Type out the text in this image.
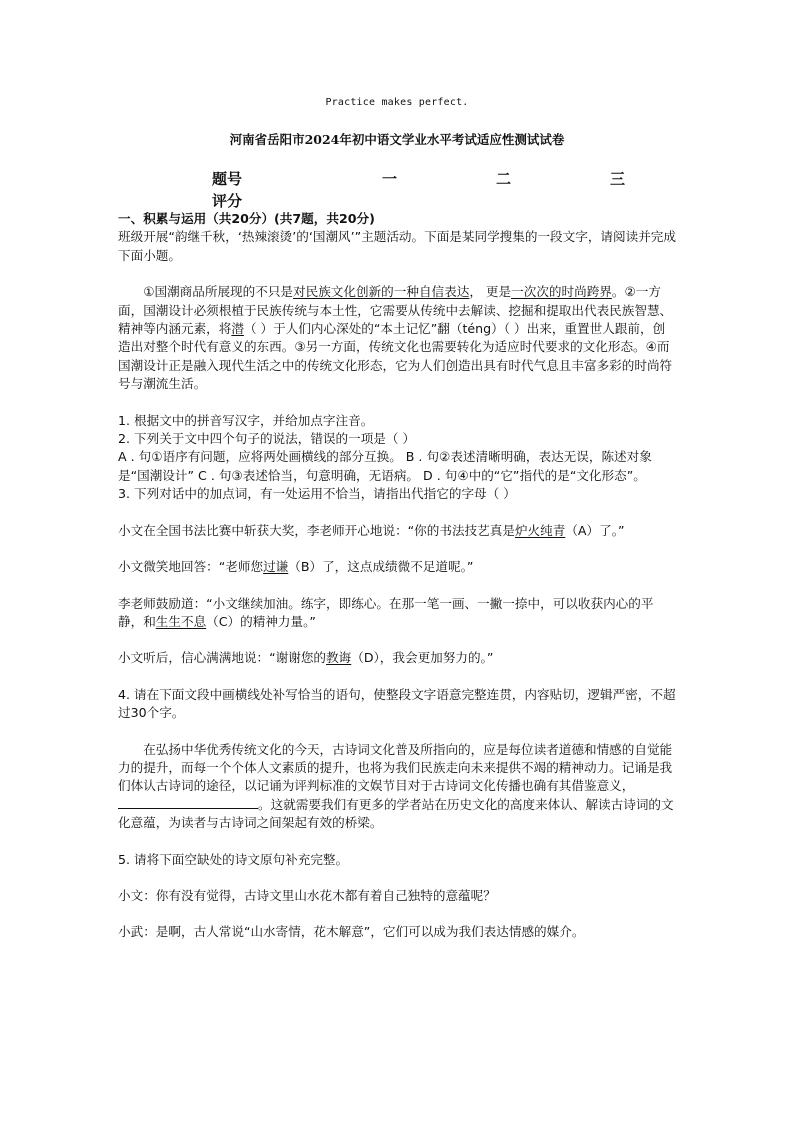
Practice makes perfect.
河南省岳阳市2024年初中语文学业水平考试适应性测试试卷
题号
评分
一	二	三

一、积累与运用（共20分）(共7题，共20分)

班级开展“韵继千秋，‘热辣滚烫’的‘国潮风’”主题活动。下面是某同学搜集的一段文字，请阅读并完成下面小题。

①国潮商品所展现的不只是对民族文化创新的一种自信表达， 更是一次次的时尚跨界。②一方面，国潮设计必须根植于民族传统与本土性，它需要从传统中去解读、挖掘和提取出代表民族智慧、精神等内涵元素，将潜（ ）于人们内心深处的“本土记忆”翻（téng）（ ）出来，重置世人跟前，创造出对整个时代有意义的东西。③另一方面，传统文化也需要转化为适应时代要求的文化形态。④而国潮设计正是融入现代生活之中的传统文化形态，它为人们创造出具有时代气息且丰富多彩的时尚符号与潮流生活。

1. 根据文中的拼音写汉字，并给加点字注音。

2. 下列关于文中四个句子的说法，错误的一项是（ ）

A . 句①语序有问题，应将两处画横线的部分互换。 B . 句②表述清晰明确，表达无误，陈述对象是“国潮设计” C . 句③表述恰当，句意明确，无语病。 D . 句④中的“它”指代的是“文化形态”。

3. 下列对话中的加点词，有一处运用不恰当，请指出代指它的字母（ ）

小文在全国书法比赛中斩获大奖，李老师开心地说：“你的书法技艺真是炉火纯青（A）了。”

小文微笑地回答：“老师您过谦（B）了，这点成绩微不足道呢。”

李老师鼓励道：“小文继续加油。练字，即练心。在那一笔一画、一撇一捺中，可以收获内心的平静，和生生不息（C）的精神力量。”

小文听后，信心满满地说：“谢谢您的教诲（D），我会更加努力的。”

4. 请在下面文段中画横线处补写恰当的语句，使整段文字语意完整连贯，内容贴切，逻辑严密，不超过30个字。

在弘扬中华优秀传统文化的今天，古诗词文化普及所指向的，应是每位读者道德和情感的自觉能力的提升，而每一个个体人文素质的提升，也将为我们民族走向未来提供不竭的精神动力。记诵是我们体认古诗词的途径，以记诵为评判标准的文娱节目对于古诗词文化传播也确有其借鉴意义，。这就需要我们有更多的学者站在历史文化的高度来体认、解读古诗词的文化意蕴，为读者与古诗词之间架起有效的桥梁。

5. 请将下面空缺处的诗文原句补充完整。

小文：你有没有觉得，古诗文里山水花木都有着自己独特的意蕴呢？

小武：是啊，古人常说“山水寄情，花木解意”，它们可以成为我们表达情感的媒介。
